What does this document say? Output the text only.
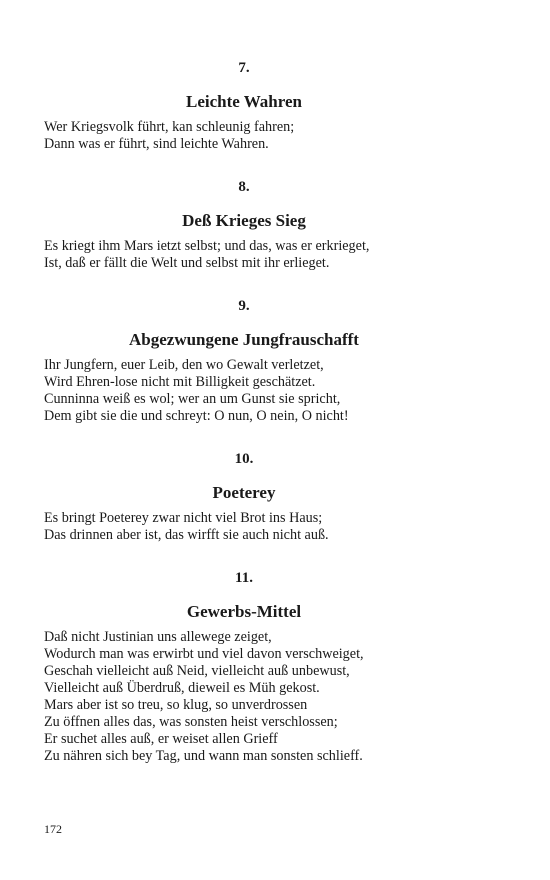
7.
Leichte Wahren
Wer Kriegsvolk führt, kan schleunig fahren;
Dann was er führt, sind leichte Wahren.
8.
Deß Krieges Sieg
Es kriegt ihm Mars ietzt selbst; und das, was er erkrieget,
Ist, daß er fällt die Welt und selbst mit ihr erlieget.
9.
Abgezwungene Jungfrauschafft
Ihr Jungfern, euer Leib, den wo Gewalt verletzet,
Wird Ehren-lose nicht mit Billigkeit geschätzet.
Cunninna weiß es wol; wer an um Gunst sie spricht,
Dem gibt sie die und schreyt: O nun, O nein, O nicht!
10.
Poeterey
Es bringt Poeterey zwar nicht viel Brot ins Haus;
Das drinnen aber ist, das wirfft sie auch nicht auß.
11.
Gewerbs-Mittel
Daß nicht Justinian uns allewege zeiget,
Wodurch man was erwirbt und viel davon verschweiget,
Geschah vielleicht auß Neid, vielleicht auß unbewust,
Vielleicht auß Überdruß, dieweil es Müh gekost.
Mars aber ist so treu, so klug, so unverdrossen
Zu öffnen alles das, was sonsten heist verschlossen;
Er suchet alles auß, er weiset allen Grieff
Zu nähren sich bey Tag, und wann man sonsten schlieff.
172
